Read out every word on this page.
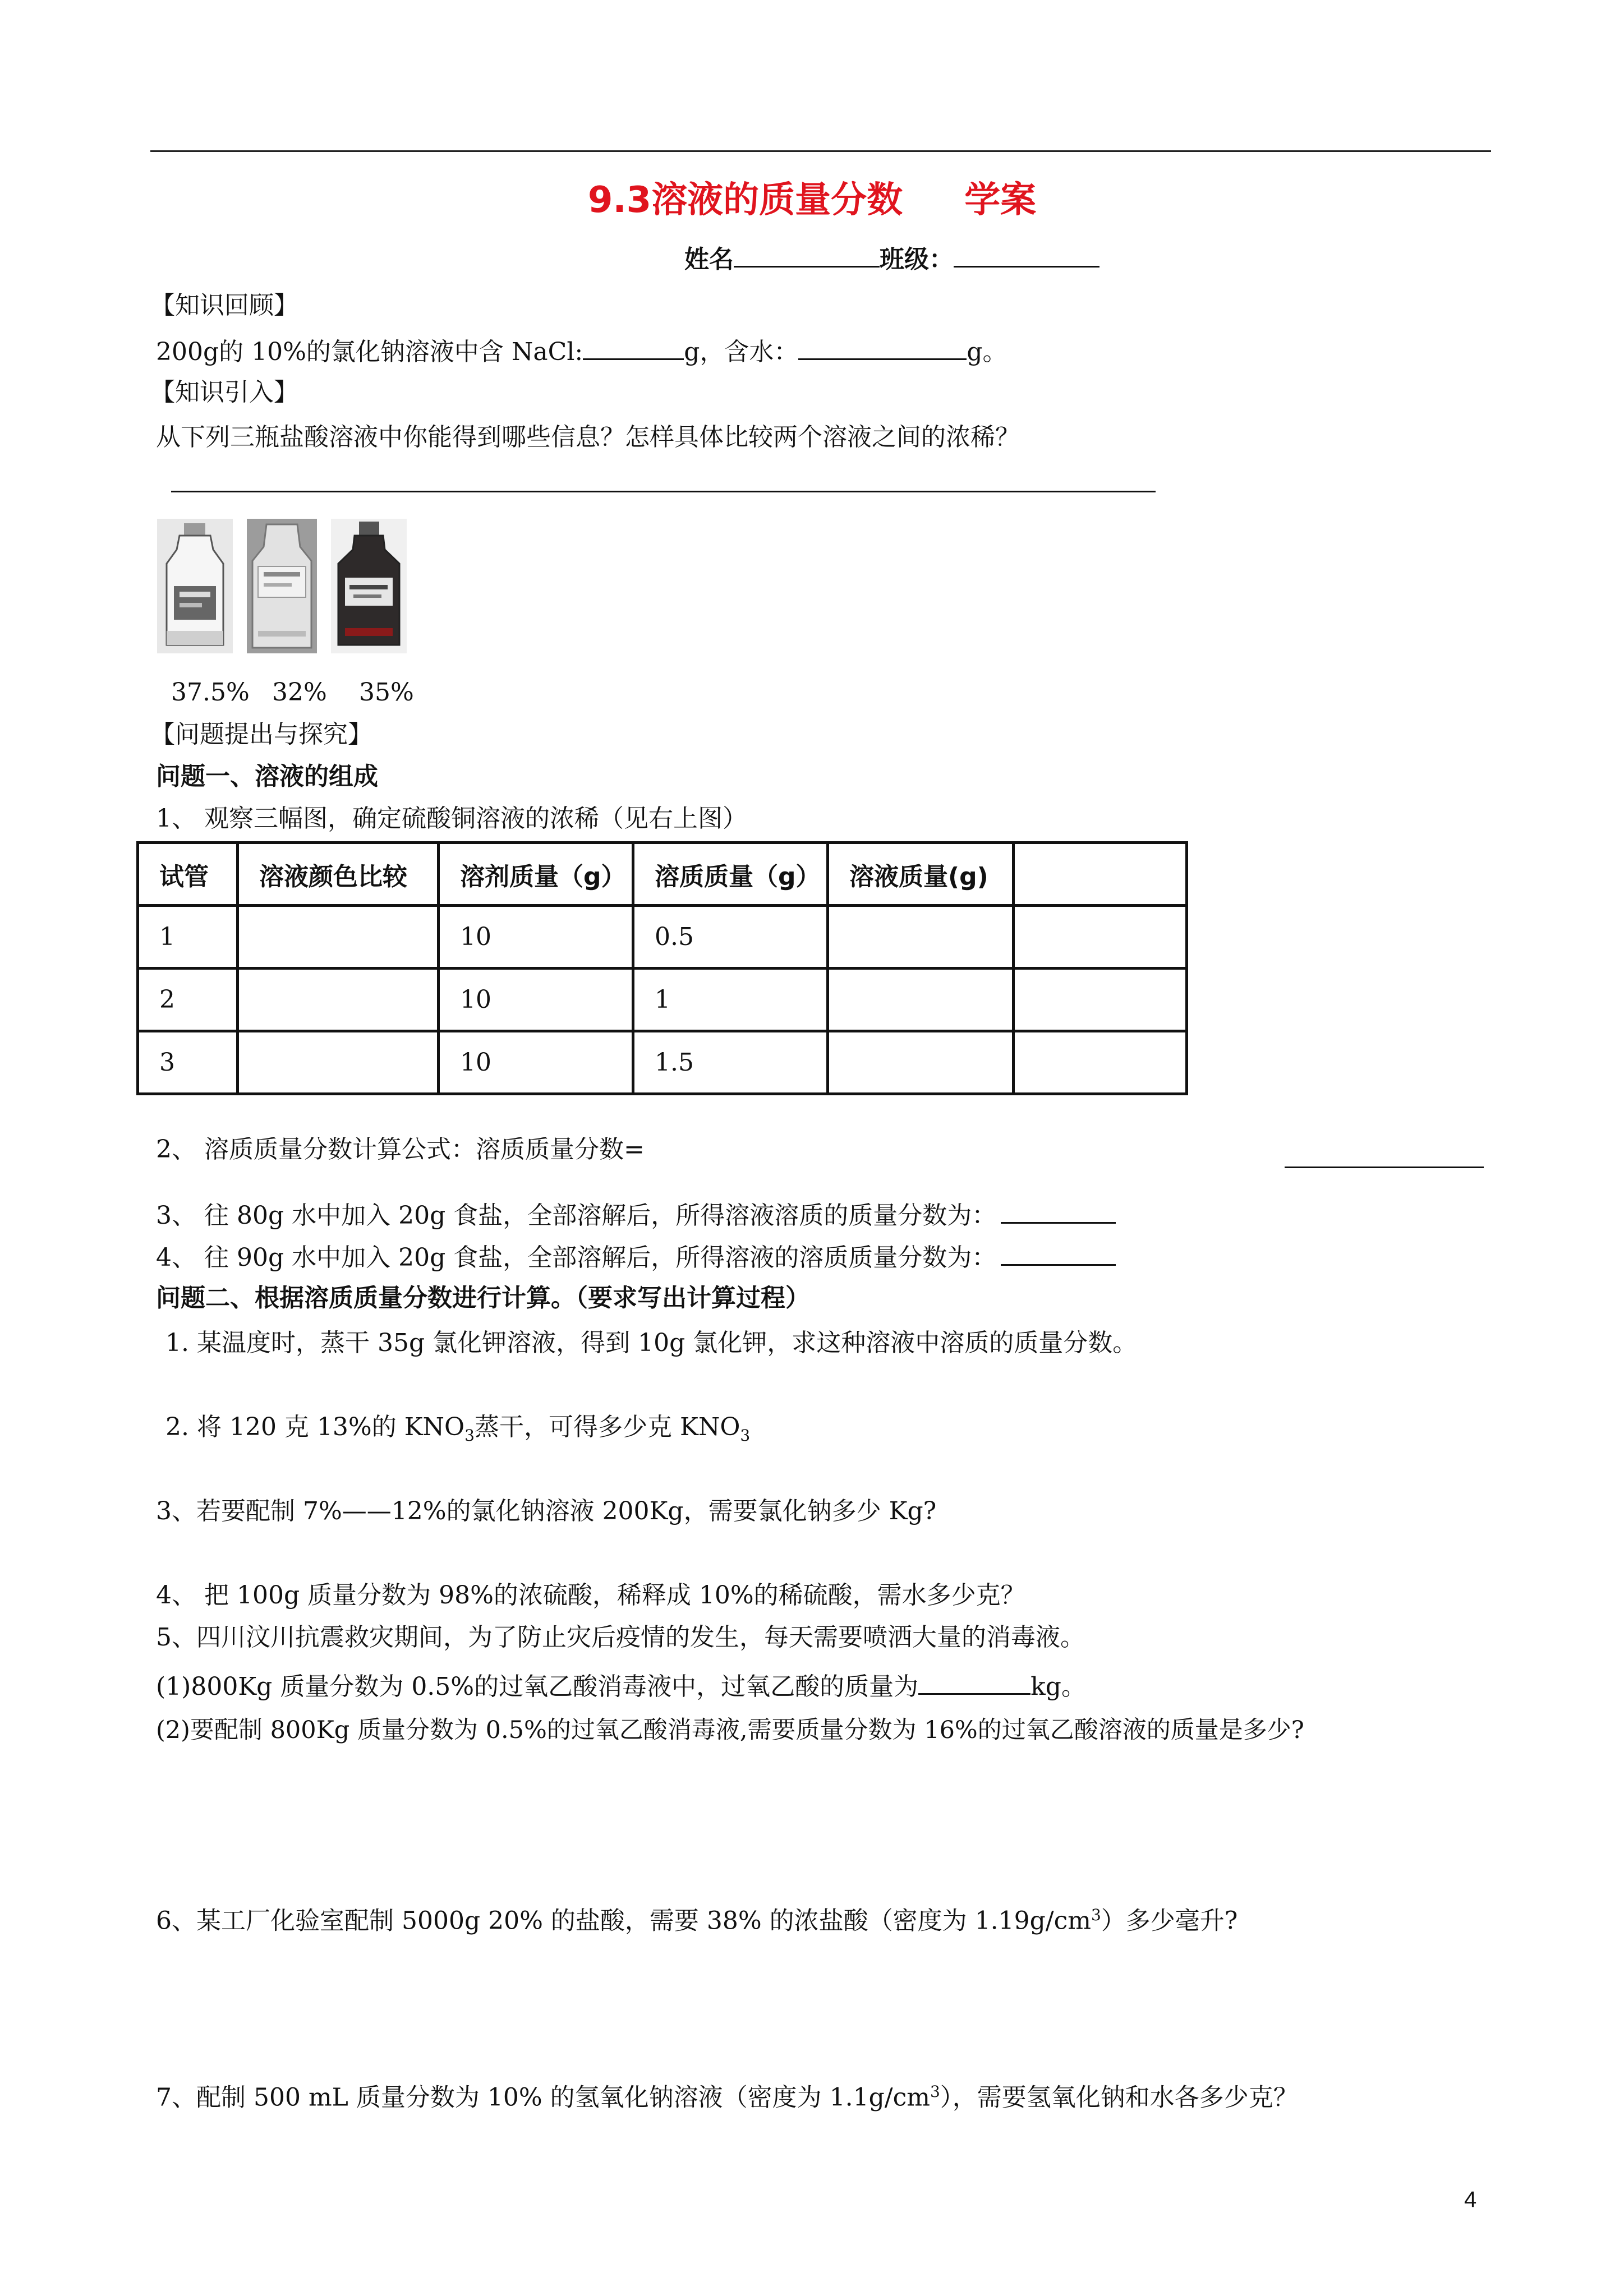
9.3溶液的质量分数 学案
姓名	班级：
【知识回顾】
200g的 10%的氯化钠溶液中含 NaCl:	g，含水：	g。
【知识引入】
从下列三瓶盐酸溶液中你能得到哪些信息？怎样具体比较两个溶液之间的浓稀？
37.5% 32% 35%
【问题提出与探究】
问题一、溶液的组成
1、 观察三幅图，确定硫酸铜溶液的浓稀（见右上图）
试管	溶液颜色比较	溶剂质量（g）	溶质质量（g）	溶液质量(g)	
1		10	0.5		
2		10	1		
3		10	1.5		
2、 溶质质量分数计算公式：溶质质量分数=
3、 往 80g 水中加入 20g 食盐，全部溶解后，所得溶液溶质的质量分数为：
4、 往 90g 水中加入 20g 食盐，全部溶解后，所得溶液的溶质质量分数为：
问题二、根据溶质质量分数进行计算。（要求写出计算过程）
1. 某温度时，蒸干 35g 氯化钾溶液，得到 10g 氯化钾，求这种溶液中溶质的质量分数。
2. 将 120 克 13%的 $KNO_3$蒸干，可得多少克 $KNO_3$
3、若要配制 7%——12%的氯化钠溶液 200Kg，需要氯化钠多少 Kg?
4、 把 100g 质量分数为 98%的浓硫酸，稀释成 10%的稀硫酸，需水多少克？
5、四川汶川抗震救灾期间，为了防止灾后疫情的发生，每天需要喷洒大量的消毒液。
(1)800Kg 质量分数为 0.5%的过氧乙酸消毒液中，过氧乙酸的质量为	kg。
(2)要配制 800Kg 质量分数为 0.5%的过氧乙酸消毒液,需要质量分数为 16%的过氧乙酸溶液的质量是多少?
6、某工厂化验室配制 5000g 20% 的盐酸，需要 38% 的浓盐酸（密度为 $1.19g/cm^3$）多少毫升?
7、配制 500 mL 质量分数为 10% 的氢氧化钠溶液（密度为 $1.1g/cm^3$），需要氢氧化钠和水各多少克？
4
